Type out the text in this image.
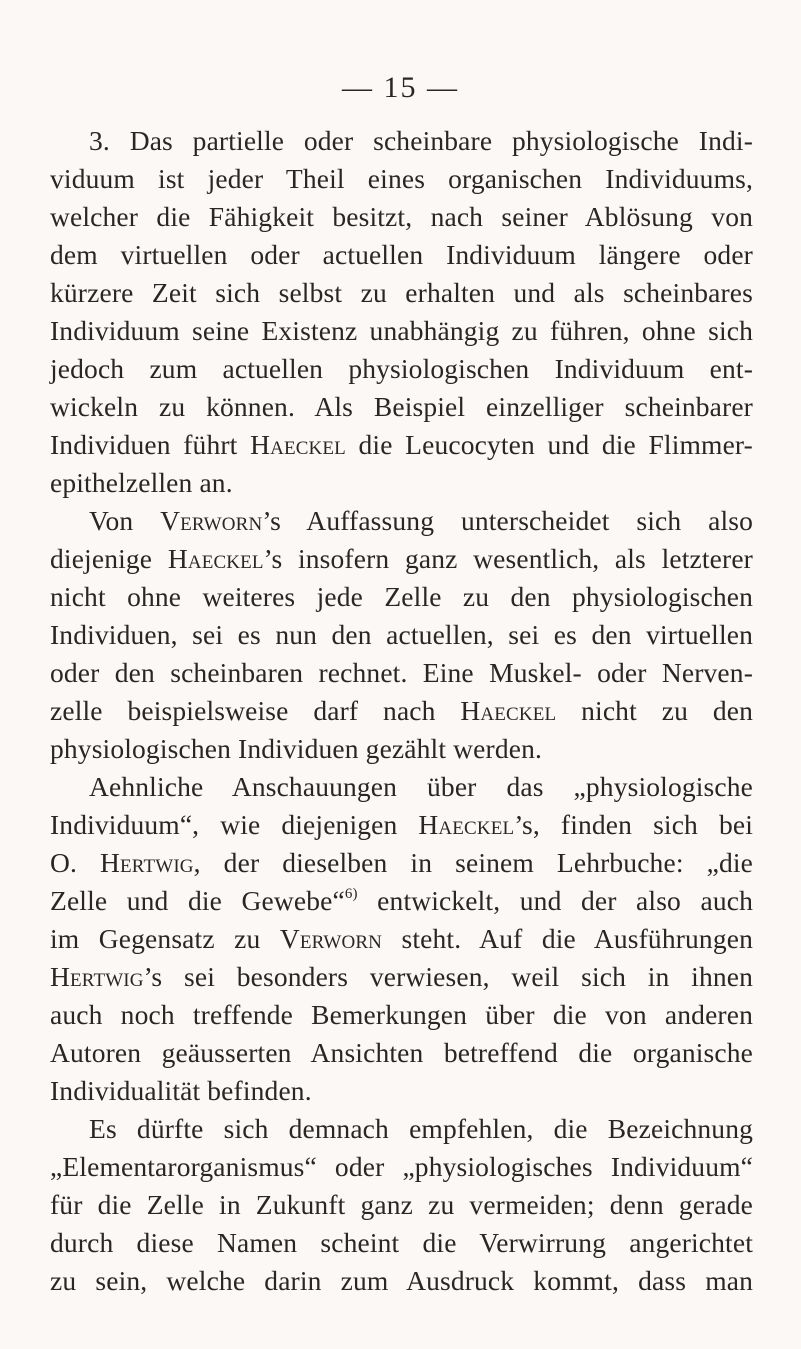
— 15 —
3. Das partielle oder scheinbare physiologische Indi-
viduum ist jeder Theil eines organischen Individuums,
welcher die Fähigkeit besitzt, nach seiner Ablösung von
dem virtuellen oder actuellen Individuum längere oder
kürzere Zeit sich selbst zu erhalten und als scheinbares
Individuum seine Existenz unabhängig zu führen, ohne sich
jedoch zum actuellen physiologischen Individuum ent-
wickeln zu können. Als Beispiel einzelliger scheinbarer
Individuen führt Haeckel die Leucocyten und die Flimmer-
epithelzellen an.
Von Verworn’s Auffassung unterscheidet sich also
diejenige Haeckel’s insofern ganz wesentlich, als letzterer
nicht ohne weiteres jede Zelle zu den physiologischen
Individuen, sei es nun den actuellen, sei es den virtuellen
oder den scheinbaren rechnet. Eine Muskel- oder Nerven-
zelle beispielsweise darf nach Haeckel nicht zu den
physiologischen Individuen gezählt werden.
Aehnliche Anschauungen über das „physiologische
Individuum“, wie diejenigen Haeckel’s, finden sich bei
O. Hertwig, der dieselben in seinem Lehrbuche: „die
Zelle und die Gewebe“$^{6)}$ entwickelt, und der also auch
im Gegensatz zu Verworn steht. Auf die Ausführungen
Hertwig’s sei besonders verwiesen, weil sich in ihnen
auch noch treffende Bemerkungen über die von anderen
Autoren geäusserten Ansichten betreffend die organische
Individualität befinden.
Es dürfte sich demnach empfehlen, die Bezeichnung
„Elementarorganismus“ oder „physiologisches Individuum“
für die Zelle in Zukunft ganz zu vermeiden; denn gerade
durch diese Namen scheint die Verwirrung angerichtet
zu sein, welche darin zum Ausdruck kommt, dass man
